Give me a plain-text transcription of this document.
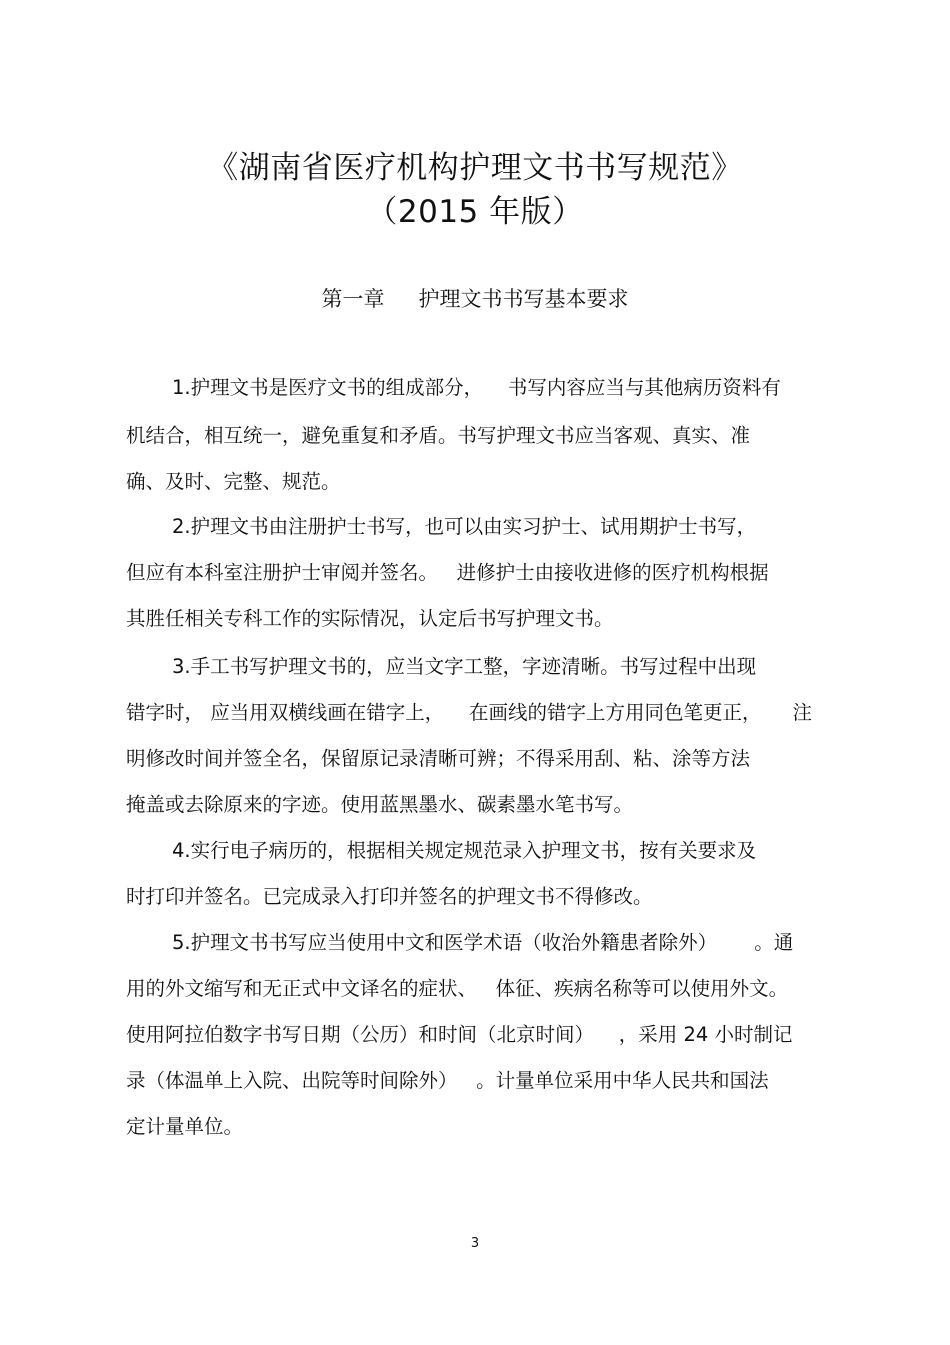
《湖南省医疗机构护理文书书写规范》
（2015 年版）
第一章 护理文书书写基本要求

1.护理文书是医疗文书的组成部分，    书写内容应当与其他病历资料有

机结合，相互统一，避免重复和矛盾。书写护理文书应当客观、真实、准

确、及时、完整、规范。

2.护理文书由注册护士书写，也可以由实习护士、试用期护士书写，

但应有本科室注册护士审阅并签名。   进修护士由接收进修的医疗机构根据

其胜任相关专科工作的实际情况，认定后书写护理文书。

3.手工书写护理文书的，应当文字工整，字迹清晰。书写过程中出现

错字时， 应当用双横线画在错字上，    在画线的错字上方用同色笔更正，     注

明修改时间并签全名，保留原记录清晰可辨；不得采用刮、粘、涂等方法

掩盖或去除原来的字迹。使用蓝黑墨水、碳素墨水笔书写。

4.实行电子病历的，根据相关规定规范录入护理文书，按有关要求及

时打印并签名。已完成录入打印并签名的护理文书不得修改。

5.护理文书书写应当使用中文和医学术语（收治外籍患者除外）      。通

用的外文缩写和无正式中文译名的症状、   体征、疾病名称等可以使用外文。

使用阿拉伯数字书写日期（公历）和时间（北京时间）    ，采用 24 小时制记

录（体温单上入院、出院等时间除外）   。计量单位采用中华人民共和国法

定计量单位。

3
